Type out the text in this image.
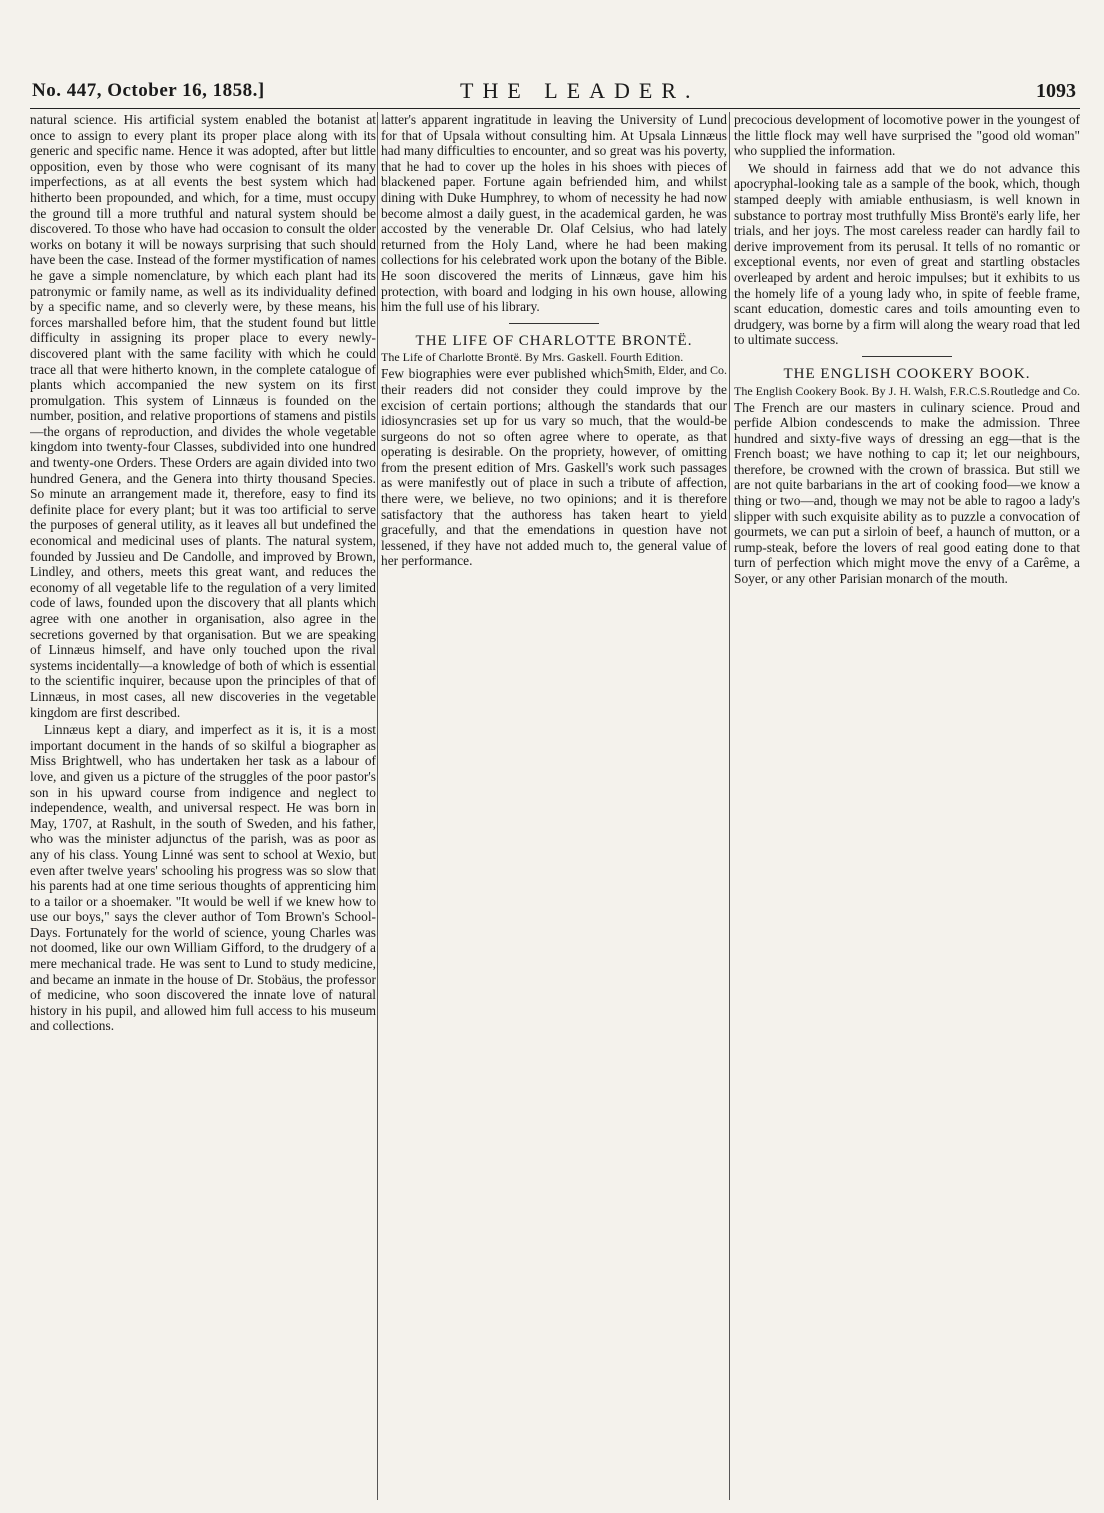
No. 447, October 16, 1858.]	THE LEADER.	1093

natural science. His artificial system enabled the botanist at once to assign to every plant its proper place along with its generic and specific name. Hence it was adopted, after but little opposition, even by those who were cognisant of its many imperfections, as at all events the best system which had hitherto been propounded, and which, for a time, must occupy the ground till a more truthful and natural system should be discovered. To those who have had occasion to consult the older works on botany it will be noways surprising that such should have been the case. Instead of the former mystification of names he gave a simple nomenclature, by which each plant had its patronymic or family name, as well as its individuality defined by a specific name, and so cleverly were, by these means, his forces marshalled before him, that the student found but little difficulty in assigning its proper place to every newly-discovered plant with the same facility with which he could trace all that were hitherto known, in the complete catalogue of plants which accompanied the new system on its first promulgation. This system of Linnæus is founded on the number, position, and relative proportions of stamens and pistils—the organs of reproduction, and divides the whole vegetable kingdom into twenty-four Classes, subdivided into one hundred and twenty-one Orders. These Orders are again divided into two hundred Genera, and the Genera into thirty thousand Species. So minute an arrangement made it, therefore, easy to find its definite place for every plant; but it was too artificial to serve the purposes of general utility, as it leaves all but undefined the economical and medicinal uses of plants. The natural system, founded by Jussieu and De Candolle, and improved by Brown, Lindley, and others, meets this great want, and reduces the economy of all vegetable life to the regulation of a very limited code of laws, founded upon the discovery that all plants which agree with one another in organisation, also agree in the secretions governed by that organisation. But we are speaking of Linnæus himself, and have only touched upon the rival systems incidentally—a knowledge of both of which is essential to the scientific inquirer, because upon the principles of that of Linnæus, in most cases, all new discoveries in the vegetable kingdom are first described.

Linnæus kept a diary, and imperfect as it is, it is a most important document in the hands of so skilful a biographer as Miss Brightwell, who has undertaken her task as a labour of love, and given us a picture of the struggles of the poor pastor's son in his upward course from indigence and neglect to independence, wealth, and universal respect. He was born in May, 1707, at Rashult, in the south of Sweden, and his father, who was the minister adjunctus of the parish, was as poor as any of his class. Young Linné was sent to school at Wexio, but even after twelve years' schooling his progress was so slow that his parents had at one time serious thoughts of apprenticing him to a tailor or a shoemaker. "It would be well if we knew how to use our boys," says the clever author of Tom Brown's School-Days. Fortunately for the world of science, young Charles was not doomed, like our own William Gifford, to the drudgery of a mere mechanical trade. He was sent to Lund to study medicine, and became an inmate in the house of Dr. Stobäus, the professor of medicine, who soon discovered the innate love of natural history in his pupil, and allowed him full access to his museum and collections.

latter's apparent ingratitude in leaving the University of Lund for that of Upsala without consulting him. At Upsala Linnæus had many difficulties to encounter, and so great was his poverty, that he had to cover up the holes in his shoes with pieces of blackened paper. Fortune again befriended him, and whilst dining with Duke Humphrey, to whom of necessity he had now become almost a daily guest, in the academical garden, he was accosted by the venerable Dr. Olaf Celsius, who had lately returned from the Holy Land, where he had been making collections for his celebrated work upon the botany of the Bible. He soon discovered the merits of Linnæus, gave him his protection, with board and lodging in his own house, allowing him the full use of his library.

THE LIFE OF CHARLOTTE BRONTË.

The Life of Charlotte Brontë. By Mrs. Gaskell. Fourth Edition.
Smith, Elder, and Co.

Few biographies were ever published which their readers did not consider they could improve by the excision of certain portions; although the standards that our idiosyncrasies set up for us vary so much, that the would-be surgeons do not so often agree where to operate, as that operating is desirable. On the propriety, however, of omitting from the present edition of Mrs. Gaskell's work such passages as were manifestly out of place in such a tribute of affection, there were, we believe, no two opinions; and it is therefore satisfactory that the authoress has taken heart to yield gracefully, and that the emendations in question have not lessened, if they have not added much to, the general value of her performance.

precocious development of locomotive power in the youngest of the little flock may well have surprised the "good old woman" who supplied the information.

We should in fairness add that we do not advance this apocryphal-looking tale as a sample of the book, which, though stamped deeply with amiable enthusiasm, is well known in substance to portray most truthfully Miss Brontë's early life, her trials, and her joys. The most careless reader can hardly fail to derive improvement from its perusal. It tells of no romantic or exceptional events, nor even of great and startling obstacles overleaped by ardent and heroic impulses; but it exhibits to us the homely life of a young lady who, in spite of feeble frame, scant education, domestic cares and toils amounting even to drudgery, was borne by a firm will along the weary road that led to ultimate success.

THE ENGLISH COOKERY BOOK.

The English Cookery Book. By J. H. Walsh, F.R.C.S. Routledge and Co.

The French are our masters in culinary science. Proud and perfide Albion condescends to make the admission. Three hundred and sixty-five ways of dressing an egg—that is the French boast; we have nothing to cap it; let our neighbours, therefore, be crowned with the crown of brassica. But still we are not quite barbarians in the art of cooking food—we know a thing or two—and, though we may not be able to ragoo a lady's slipper with such exquisite ability as to puzzle a convocation of gourmets, we can put a sirloin of beef, a haunch of mutton, or a rump-steak, before the lovers of real good eating done to that turn of perfection which might move the envy of a Carême, a Soyer, or any other Parisian monarch of the mouth.
